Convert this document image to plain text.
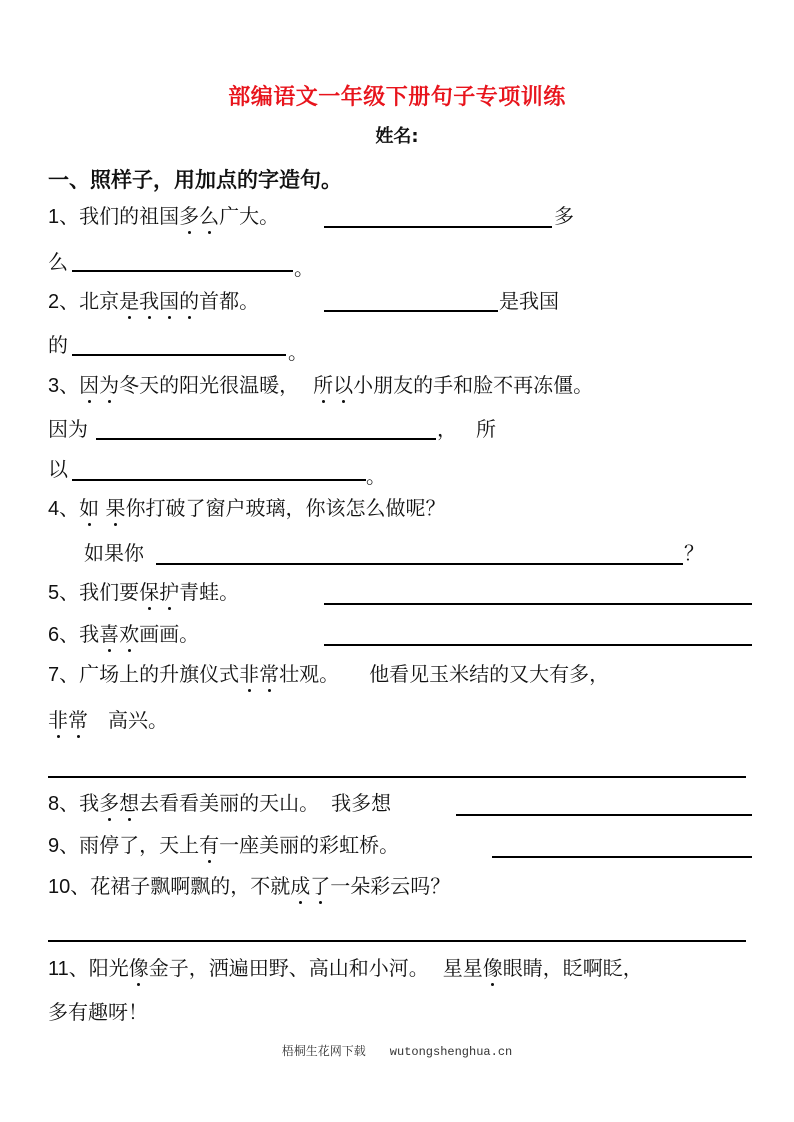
部编语文一年级下册句子专项训练
姓名:
一、照样子，用加点的字造句。
1、我们的祖国多么广大。	多
么	。
2、北京是我国的首都。	是我国
的	。
3、因为冬天的阳光很温暖， 所以小朋友的手和脸不再冻僵。
因为	， 所
以	。
4、如 果你打破了窗户玻璃，你该怎么做呢？
如果你	？
5、我们要保护青蛙。
6、我喜欢画画。
7、广场上的升旗仪式非常壮观。 他看见玉米结的又大有多，
非常　高兴。
8、我多想去看看美丽的天山。 我多想
9、雨停了，天上有一座美丽的彩虹桥。
10、花裙子飘啊飘的，不就成了一朵彩云吗？
11、阳光像金子，洒遍田野、高山和小河。 星星像眼睛，眨啊眨，
多有趣呀！
梧桐生花网下载 wutongshenghua.cn
